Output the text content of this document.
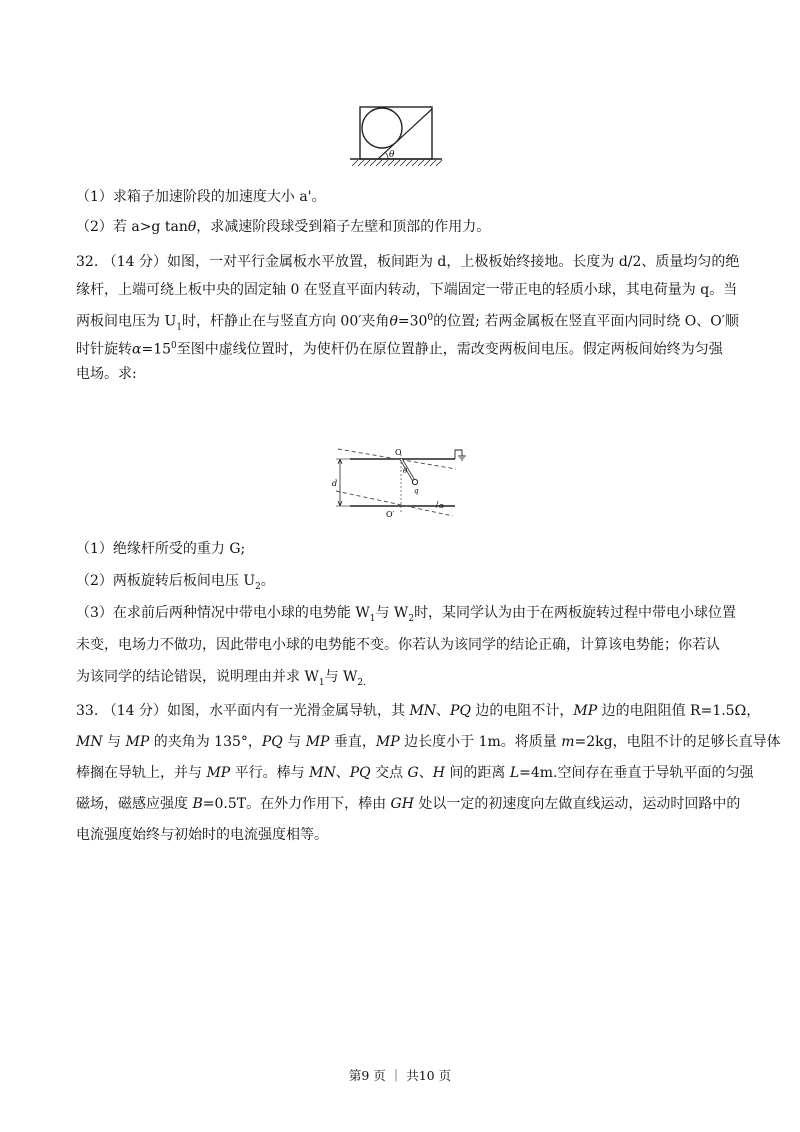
θ
（1）求箱子加速阶段的加速度大小 a'。
（2）若 a>g tanθ，求减速阶段球受到箱子左壁和顶部的作用力。
32. （14 分）如图，一对平行金属板水平放置，板间距为 d，上极板始终接地。长度为 d/2、质量均匀的绝
缘杆，上端可绕上板中央的固定轴 0 在竖直平面内转动，下端固定一带正电的轻质小球，其电荷量为 q。当
两板间电压为 $U_1$时，杆静止在与竖直方向 00′夹角$\theta=30^0$的位置; 若两金属板在竖直平面内同时绕 O、O′顺
时针旋转$\alpha=15^0$至图中虚线位置时，为使杆仍在原位置静止，需改变两板间电压。假定两板间始终为匀强
电场。求:
O
O′
d
θ
q
α
（1）绝缘杆所受的重力 G;
（2）两板旋转后板间电压 $U_2$。
（3）在求前后两种情况中带电小球的电势能 $W_1$与 $W_2$时，某同学认为由于在两板旋转过程中带电小球位置
未变，电场力不做功，因此带电小球的电势能不变。你若认为该同学的结论正确，计算该电势能；你若认
为该同学的结论错误，说明理由并求 $W_1$与 $W_{2.}$
33. （14 分）如图，水平面内有一光滑金属导轨，其 MN、PQ 边的电阻不计，MP 边的电阻阻值 R=1.5Ω，
MN 与 MP 的夹角为 135°，PQ 与 MP 垂直，MP 边长度小于 1m。将质量 m=2kg，电阻不计的足够长直导体
棒搁在导轨上，并与 MP 平行。棒与 MN、PQ 交点 G、H 间的距离 L=4m.空间存在垂直于导轨平面的匀强
磁场，磁感应强度 B=0.5T。在外力作用下，棒由 GH 处以一定的初速度向左做直线运动，运动时回路中的
电流强度始终与初始时的电流强度相等。
第9 页 ｜ 共10 页
